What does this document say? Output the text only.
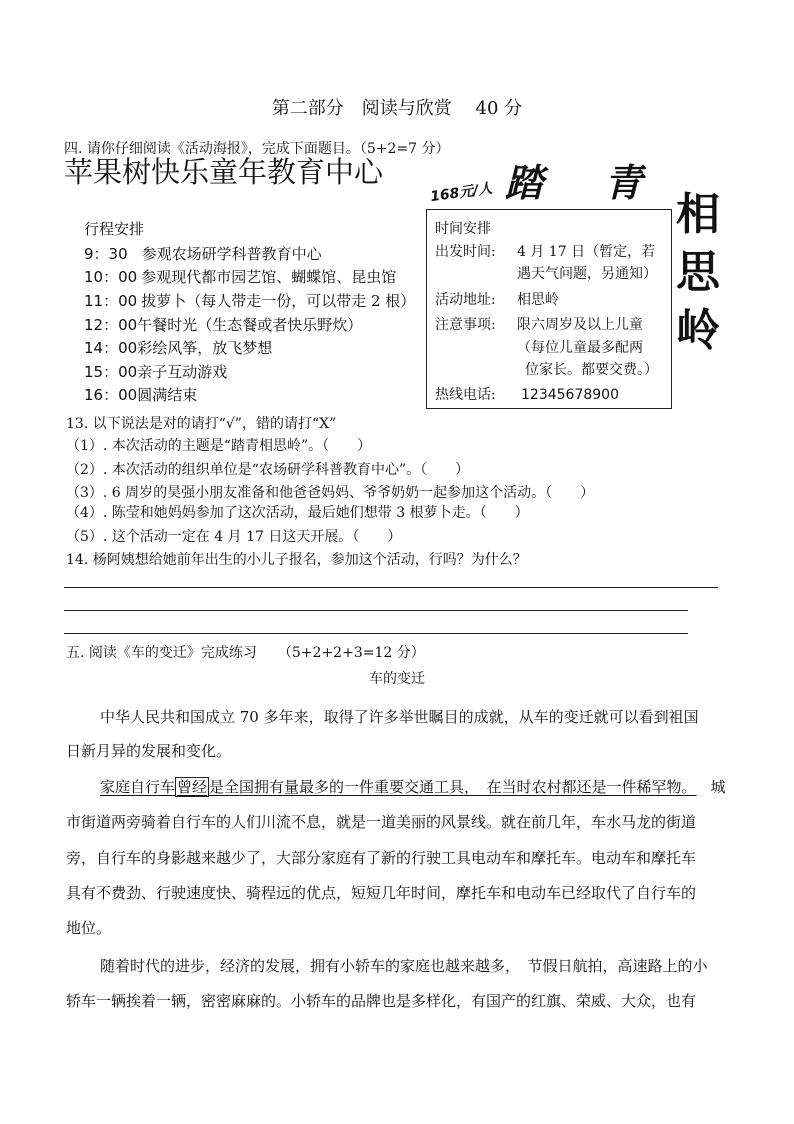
第二部分　阅读与欣赏　 40 分
四. 请你仔细阅读《活动海报》，完成下面题目。（5+2=7 分）
苹果树快乐童年教育中心
168元/人 踏 青
行程安排
9：30 参观农场研学科普教育中心
10：00 参观现代都市园艺馆、蝴蝶馆、昆虫馆
11：00 拔萝卜（每人带走一份，可以带走 2 根）
12：00午餐时光（生态餐或者快乐野炊）
14：00彩绘风筝，放飞梦想
15：00亲子互动游戏
16：00圆满结束
时间安排
出发时间: 4 月 17 日（暂定，若
遇天气问题，另通知）
活动地址: 相思岭
注意事项: 限六周岁及以上儿童
（每位儿童最多配两
位家长。都要交费。）
热线电话: 12345678900
相
思
岭
13. 以下说法是对的请打“√”，错的请打“X”
（1）. 本次活动的主题是“踏青相思岭”。（　　）
（2）. 本次活动的组织单位是“农场研学科普教育中心”。（　　）
（3）. 6 周岁的昊强小朋友准备和他爸爸妈妈、爷爷奶奶一起参加这个活动。（　　）
（4）. 陈莹和她妈妈参加了这次活动，最后她们想带 3 根萝卜走。（　　）
（5）. 这个活动一定在 4 月 17 日这天开展。（　　）
14. 杨阿姨想给她前年出生的小儿子报名，参加这个活动，行吗？为什么？
五. 阅读《车的变迁》完成练习　　（5+2+2+3=12 分）
车的变迁
中华人民共和国成立 70 多年来，取得了许多举世瞩目的成就，从车的变迁就可以看到祖国
日新月异的发展和变化。
家庭自行车 曾经 是全国拥有量最多的一件重要交通工具，　在当时农村都还是一件稀罕物。 城
市街道两旁骑着自行车的人们川流不息，就是一道美丽的风景线。就在前几年，车水马龙的街道
旁，自行车的身影越来越少了，大部分家庭有了新的行驶工具电动车和摩托车。电动车和摩托车
具有不费劲、行驶速度快、骑程远的优点，短短几年时间，摩托车和电动车已经取代了自行车的
地位。
随着时代的进步，经济的发展，拥有小轿车的家庭也越来越多，　节假日航拍，高速路上的小
轿车一辆挨着一辆，密密麻麻的。小轿车的品牌也是多样化，有国产的红旗、荣威、大众，也有
